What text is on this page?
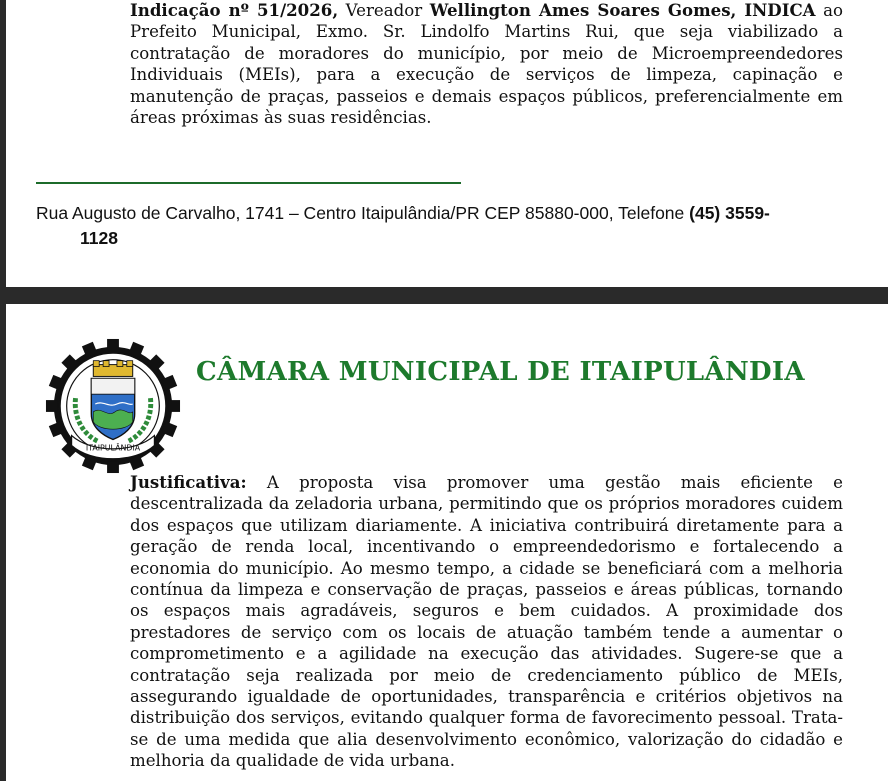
Indicação nº 51/2026, Vereador Wellington Ames Soares Gomes, INDICA ao Prefeito Municipal, Exmo. Sr. Lindolfo Martins Rui, que seja viabilizado a contratação de moradores do município, por meio de Microempreendedores Individuais (MEIs), para a execução de serviços de limpeza, capinação e manutenção de praças, passeios e demais espaços públicos, preferencialmente em áreas próximas às suas residências.
Rua Augusto de Carvalho, 1741 – Centro Itaipulândia/PR CEP 85880-000, Telefone (45) 3559-
1128
ITAIPULÂNDIA
CÂMARA MUNICIPAL DE ITAIPULÂNDIA
Justificativa: A proposta visa promover uma gestão mais eficiente e descentralizada da zeladoria urbana, permitindo que os próprios moradores cuidem dos espaços que utilizam diariamente. A iniciativa contribuirá diretamente para a geração de renda local, incentivando o empreendedorismo e fortalecendo a economia do município. Ao mesmo tempo, a cidade se beneficiará com a melhoria contínua da limpeza e conservação de praças, passeios e áreas públicas, tornando os espaços mais agradáveis, seguros e bem cuidados. A proximidade dos prestadores de serviço com os locais de atuação também tende a aumentar o comprometimento e a agilidade na execução das atividades. Sugere-se que a contratação seja realizada por meio de credenciamento público de MEIs, assegurando igualdade de oportunidades, transparência e critérios objetivos na distribuição dos serviços, evitando qualquer forma de favorecimento pessoal. Trata-se de uma medida que alia desenvolvimento econômico, valorização do cidadão e melhoria da qualidade de vida urbana.
